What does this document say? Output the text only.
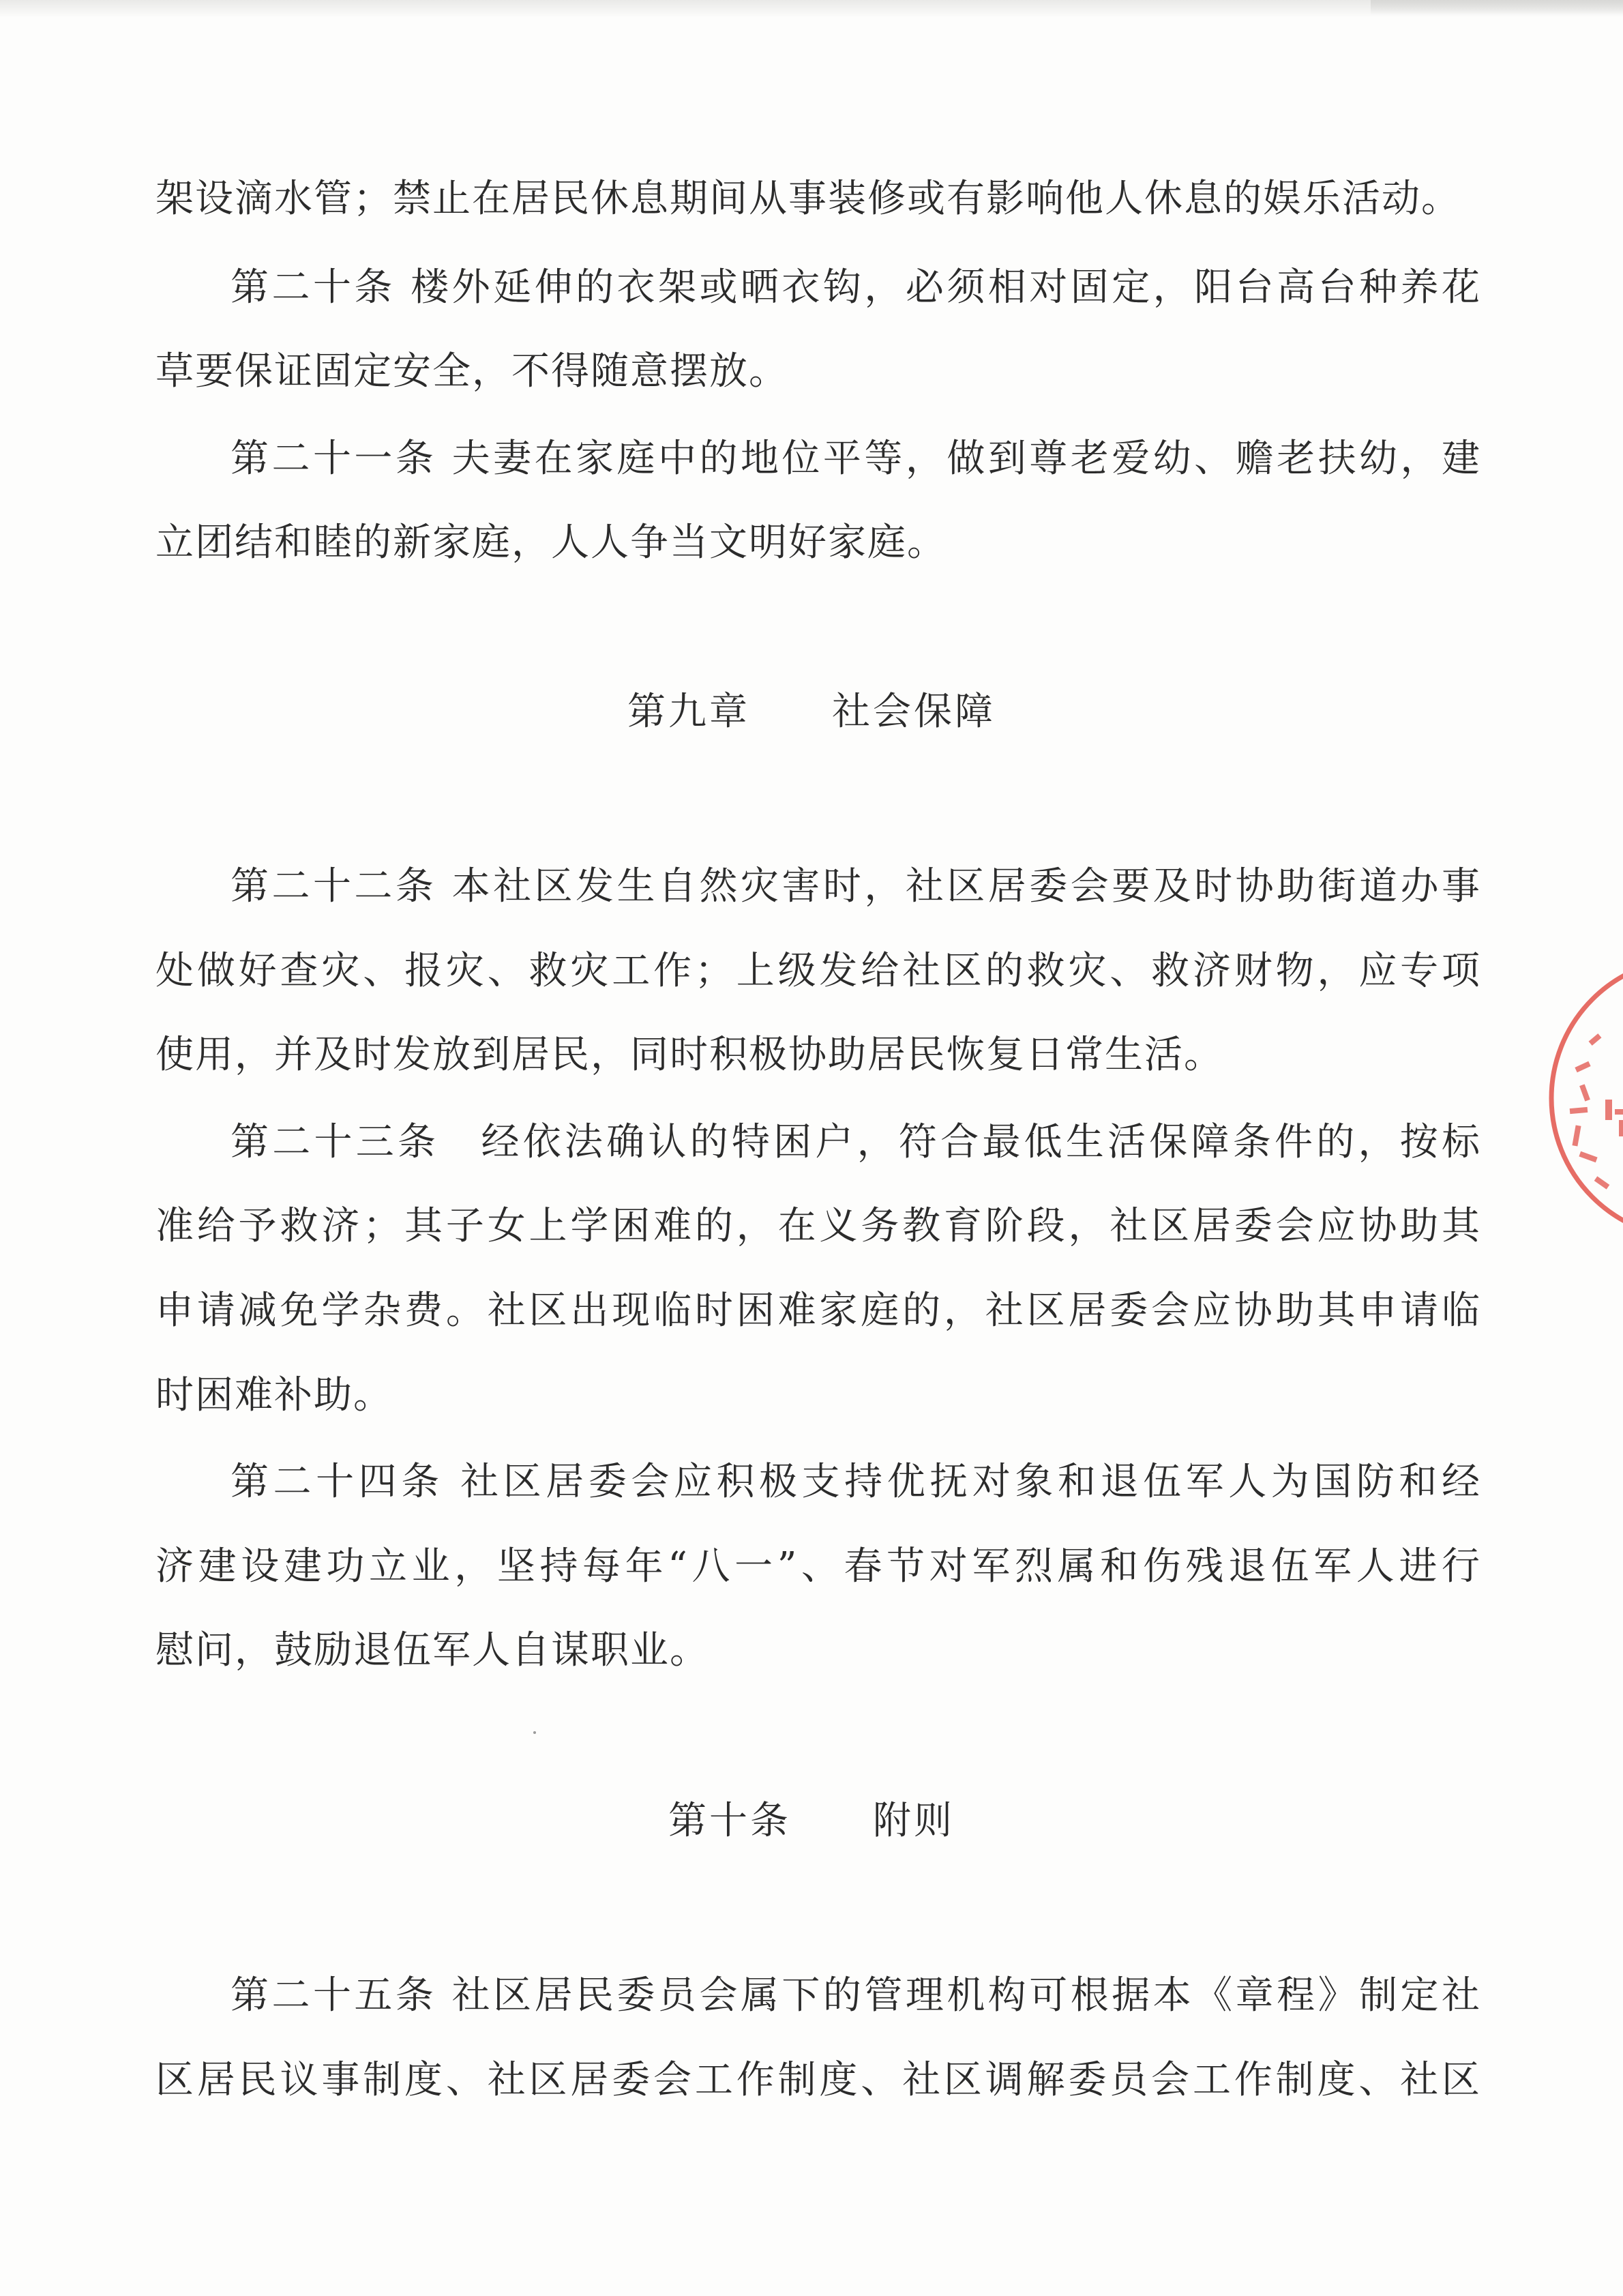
架设滴水管；禁止在居民休息期间从事装修或有影响他人休息的娱乐活动。
第二十条 楼外延伸的衣架或晒衣钩，必须相对固定，阳台高台种养花
草要保证固定安全，不得随意摆放。
第二十一条 夫妻在家庭中的地位平等，做到尊老爱幼、赡老扶幼，建
立团结和睦的新家庭，人人争当文明好家庭。
第九章　　社会保障
第二十二条 本社区发生自然灾害时，社区居委会要及时协助街道办事
处做好查灾、报灾、救灾工作；上级发给社区的救灾、救济财物，应专项
使用，并及时发放到居民，同时积极协助居民恢复日常生活。
第二十三条　经依法确认的特困户，符合最低生活保障条件的，按标
准给予救济；其子女上学困难的，在义务教育阶段，社区居委会应协助其
申请减免学杂费。社区出现临时困难家庭的，社区居委会应协助其申请临
时困难补助。
第二十四条 社区居委会应积极支持优抚对象和退伍军人为国防和经
济建设建功立业，坚持每年“八一”、春节对军烈属和伤残退伍军人进行
慰问，鼓励退伍军人自谋职业。
第十条　　附则
第二十五条 社区居民委员会属下的管理机构可根据本《章程》制定社
区居民议事制度、社区居委会工作制度、社区调解委员会工作制度、社区
